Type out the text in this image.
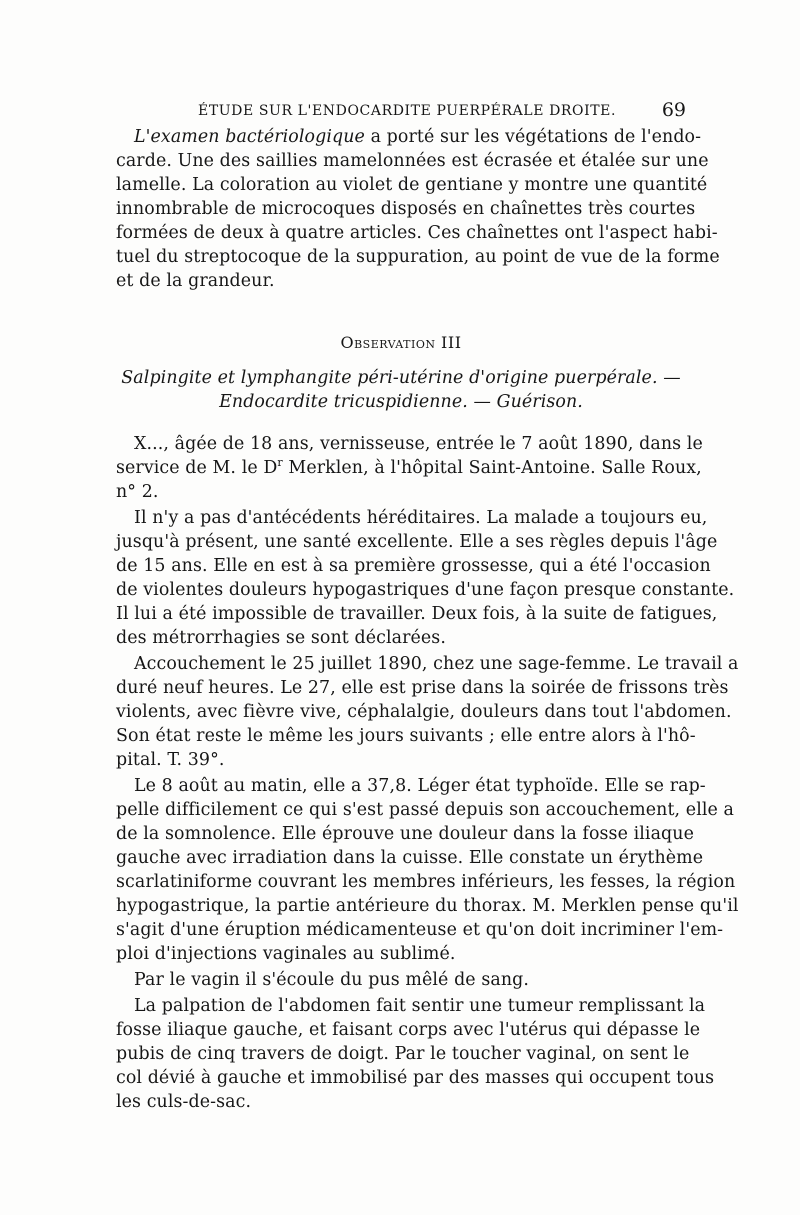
ÉTUDE SUR L'ENDOCARDITE PUERPÉRALE DROITE. 69
L'examen bactériologique a porté sur les végétations de l'endo-
carde. Une des saillies mamelonnées est écrasée et étalée sur une
lamelle. La coloration au violet de gentiane y montre une quantité
innombrable de microcoques disposés en chaînettes très courtes
formées de deux à quatre articles. Ces chaînettes ont l'aspect habi-
tuel du streptocoque de la suppuration, au point de vue de la forme
et de la grandeur.
Observation III
Salpingite et lymphangite péri-utérine d'origine puerpérale. —
Endocardite tricuspidienne. — Guérison.
X..., âgée de 18 ans, vernisseuse, entrée le 7 août 1890, dans le
service de M. le $D^r$ Merklen, à l'hôpital Saint-Antoine. Salle Roux,
n° 2.
Il n'y a pas d'antécédents héréditaires. La malade a toujours eu,
jusqu'à présent, une santé excellente. Elle a ses règles depuis l'âge
de 15 ans. Elle en est à sa première grossesse, qui a été l'occasion
de violentes douleurs hypogastriques d'une façon presque constante.
Il lui a été impossible de travailler. Deux fois, à la suite de fatigues,
des métrorrhagies se sont déclarées.
Accouchement le 25 juillet 1890, chez une sage-femme. Le travail a
duré neuf heures. Le 27, elle est prise dans la soirée de frissons très
violents, avec fièvre vive, céphalalgie, douleurs dans tout l'abdomen.
Son état reste le même les jours suivants ; elle entre alors à l'hô-
pital. T. 39°.
Le 8 août au matin, elle a 37,8. Léger état typhoïde. Elle se rap-
pelle difficilement ce qui s'est passé depuis son accouchement, elle a
de la somnolence. Elle éprouve une douleur dans la fosse iliaque
gauche avec irradiation dans la cuisse. Elle constate un érythème
scarlatiniforme couvrant les membres inférieurs, les fesses, la région
hypogastrique, la partie antérieure du thorax. M. Merklen pense qu'il
s'agit d'une éruption médicamenteuse et qu'on doit incriminer l'em-
ploi d'injections vaginales au sublimé.
Par le vagin il s'écoule du pus mêlé de sang.
La palpation de l'abdomen fait sentir une tumeur remplissant la
fosse iliaque gauche, et faisant corps avec l'utérus qui dépasse le
pubis de cinq travers de doigt. Par le toucher vaginal, on sent le
col dévié à gauche et immobilisé par des masses qui occupent tous
les culs-de-sac.
